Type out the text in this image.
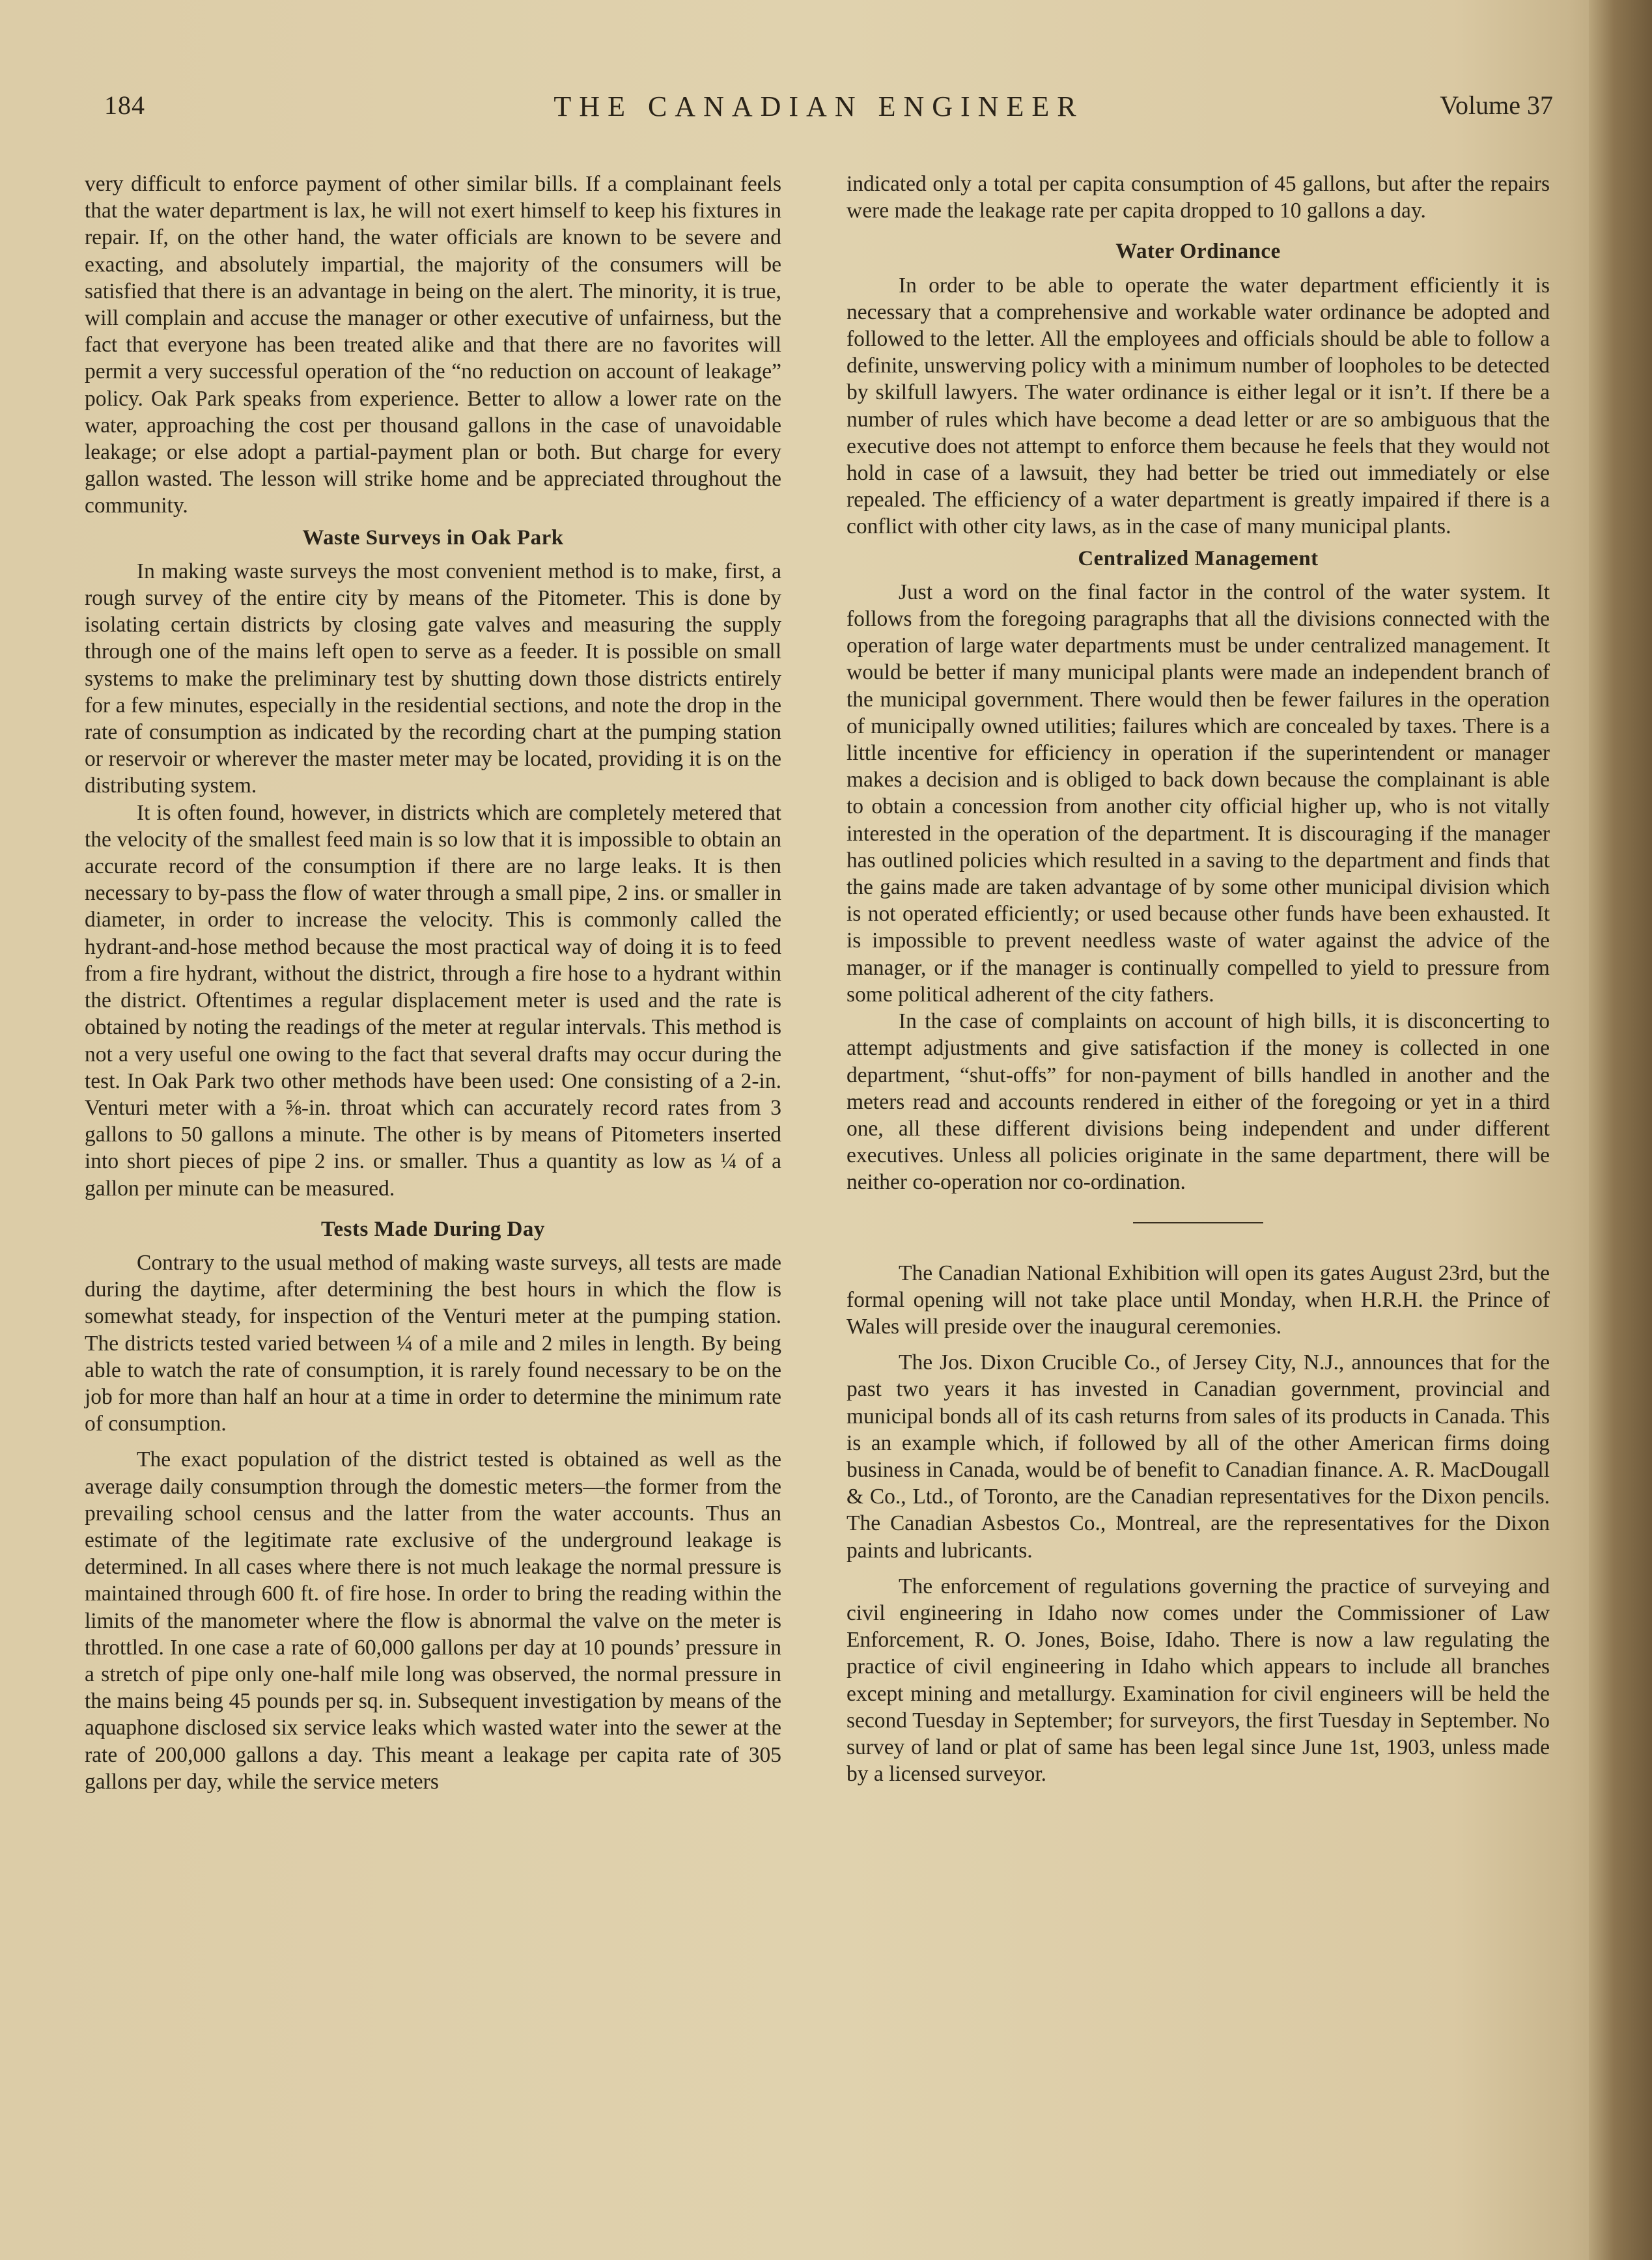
184	THE CANADIAN ENGINEER	Volume 37

very difficult to enforce payment of other similar bills. If a complainant feels that the water department is lax, he will not exert himself to keep his fixtures in repair. If, on the other hand, the water officials are known to be severe and exacting, and absolutely impartial, the majority of the consumers will be satisfied that there is an advantage in being on the alert. The minority, it is true, will complain and accuse the manager or other executive of unfairness, but the fact that everyone has been treated alike and that there are no favorites will permit a very successful operation of the “no reduction on account of leakage” policy. Oak Park speaks from experience. Better to allow a lower rate on the water, approaching the cost per thousand gallons in the case of unavoidable leakage; or else adopt a partial-payment plan or both. But charge for every gallon wasted. The lesson will strike home and be appreciated throughout the community.

Waste Surveys in Oak Park

In making waste surveys the most convenient method is to make, first, a rough survey of the entire city by means of the Pitometer. This is done by isolating certain districts by closing gate valves and measuring the supply through one of the mains left open to serve as a feeder. It is possible on small systems to make the preliminary test by shutting down those districts entirely for a few minutes, especially in the residential sections, and note the drop in the rate of consumption as indicated by the recording chart at the pumping station or reservoir or wherever the master meter may be located, providing it is on the distributing system.

It is often found, however, in districts which are completely metered that the velocity of the smallest feed main is so low that it is impossible to obtain an accurate record of the consumption if there are no large leaks. It is then necessary to by-pass the flow of water through a small pipe, 2 ins. or smaller in diameter, in order to increase the velocity. This is commonly called the hydrant-and-hose method because the most practical way of doing it is to feed from a fire hydrant, without the district, through a fire hose to a hydrant within the district. Oftentimes a regular displacement meter is used and the rate is obtained by noting the readings of the meter at regular intervals. This method is not a very useful one owing to the fact that several drafts may occur during the test. In Oak Park two other methods have been used: One consisting of a 2-in. Venturi meter with a ⅝-in. throat which can accurately record rates from 3 gallons to 50 gallons a minute. The other is by means of Pitometers inserted into short pieces of pipe 2 ins. or smaller. Thus a quantity as low as ¼ of a gallon per minute can be measured.

Tests Made During Day

Contrary to the usual method of making waste surveys, all tests are made during the daytime, after determining the best hours in which the flow is somewhat steady, for inspection of the Venturi meter at the pumping station. The districts tested varied between ¼ of a mile and 2 miles in length. By being able to watch the rate of consumption, it is rarely found necessary to be on the job for more than half an hour at a time in order to determine the minimum rate of consumption.

The exact population of the district tested is obtained as well as the average daily consumption through the domestic meters—the former from the prevailing school census and the latter from the water accounts. Thus an estimate of the legitimate rate exclusive of the underground leakage is determined. In all cases where there is not much leakage the normal pressure is maintained through 600 ft. of fire hose. In order to bring the reading within the limits of the manometer where the flow is abnormal the valve on the meter is throttled. In one case a rate of 60,000 gallons per day at 10 pounds’ pressure in a stretch of pipe only one-half mile long was observed, the normal pressure in the mains being 45 pounds per sq. in. Subsequent investigation by means of the aquaphone disclosed six service leaks which wasted water into the sewer at the rate of 200,000 gallons a day. This meant a leakage per capita rate of 305 gallons per day, while the service meters

indicated only a total per capita consumption of 45 gallons, but after the repairs were made the leakage rate per capita dropped to 10 gallons a day.

Water Ordinance

In order to be able to operate the water department efficiently it is necessary that a comprehensive and workable water ordinance be adopted and followed to the letter. All the employees and officials should be able to follow a definite, unswerving policy with a minimum number of loopholes to be detected by skilfull lawyers. The water ordinance is either legal or it isn’t. If there be a number of rules which have become a dead letter or are so ambiguous that the executive does not attempt to enforce them because he feels that they would not hold in case of a lawsuit, they had better be tried out immediately or else repealed. The efficiency of a water department is greatly impaired if there is a conflict with other city laws, as in the case of many municipal plants.

Centralized Management

Just a word on the final factor in the control of the water system. It follows from the foregoing paragraphs that all the divisions connected with the operation of large water departments must be under centralized management. It would be better if many municipal plants were made an independent branch of the municipal government. There would then be fewer failures in the operation of municipally owned utilities; failures which are concealed by taxes. There is a little incentive for efficiency in operation if the superintendent or manager makes a decision and is obliged to back down because the complainant is able to obtain a concession from another city official higher up, who is not vitally interested in the operation of the department. It is discouraging if the manager has outlined policies which resulted in a saving to the department and finds that the gains made are taken advantage of by some other municipal division which is not operated efficiently; or used because other funds have been exhausted. It is impossible to prevent needless waste of water against the advice of the manager, or if the manager is continually compelled to yield to pressure from some political adherent of the city fathers.

In the case of complaints on account of high bills, it is disconcerting to attempt adjustments and give satisfaction if the money is collected in one department, “shut-offs” for non-payment of bills handled in another and the meters read and accounts rendered in either of the foregoing or yet in a third one, all these different divisions being independent and under different executives. Unless all policies originate in the same department, there will be neither co-operation nor co-ordination.

The Canadian National Exhibition will open its gates August 23rd, but the formal opening will not take place until Monday, when H.R.H. the Prince of Wales will preside over the inaugural ceremonies.

The Jos. Dixon Crucible Co., of Jersey City, N.J., announces that for the past two years it has invested in Canadian government, provincial and municipal bonds all of its cash returns from sales of its products in Canada. This is an example which, if followed by all of the other American firms doing business in Canada, would be of benefit to Canadian finance. A. R. MacDougall & Co., Ltd., of Toronto, are the Canadian representatives for the Dixon pencils. The Canadian Asbestos Co., Montreal, are the representatives for the Dixon paints and lubricants.

The enforcement of regulations governing the practice of surveying and civil engineering in Idaho now comes under the Commissioner of Law Enforcement, R. O. Jones, Boise, Idaho. There is now a law regulating the practice of civil engineering in Idaho which appears to include all branches except mining and metallurgy. Examination for civil engineers will be held the second Tuesday in September; for surveyors, the first Tuesday in September. No survey of land or plat of same has been legal since June 1st, 1903, unless made by a licensed surveyor.
